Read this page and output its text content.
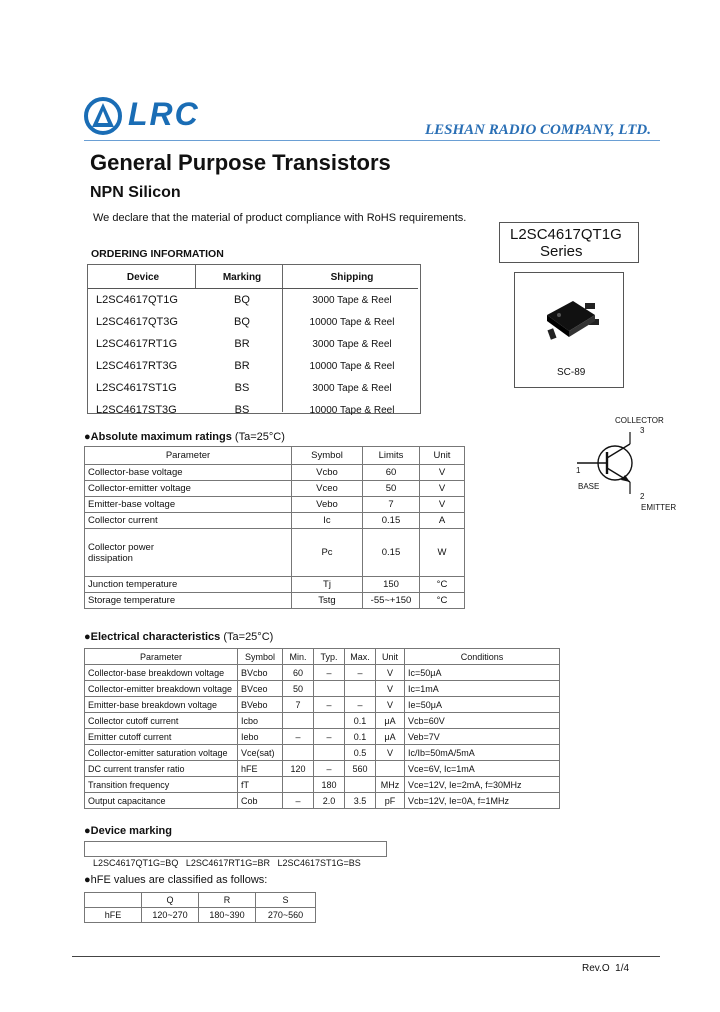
LRC	LESHAN RADIO COMPANY, LTD.
General Purpose Transistors
NPN Silicon
We declare that the material of product compliance with RoHS requirements.
L2SC4617QT1G
Series
SC-89
ORDERING INFORMATION
Device	Marking	Shipping
L2SC4617QT1G	BQ	3000 Tape & Reel
L2SC4617QT3G	BQ	10000 Tape & Reel
L2SC4617RT1G	BR	3000 Tape & Reel
L2SC4617RT3G	BR	10000 Tape & Reel
L2SC4617ST1G	BS	3000 Tape & Reel
L2SC4617ST3G	BS	10000 Tape & Reel
COLLECTOR
3
1
BASE
2
EMITTER
●Absolute maximum ratings (Ta=25°C)
Parameter	Symbol	Limits	Unit
Collector-base voltage	Vcbo	60	V
Collector-emitter voltage	Vceo	50	V
Emitter-base voltage	Vebo	7	V
Collector current	Ic	0.15	A
Collector power dissipation	Pc	0.15	W
Junction temperature	Tj	150	°C
Storage temperature	Tstg	-55~+150	°C
●Electrical characteristics (Ta=25°C)
Parameter	Symbol	Min.	Typ.	Max.	Unit	Conditions
Collector-base breakdown voltage	BVcbo	60	–	–	V	Ic=50μA
Collector-emitter breakdown voltage	BVceo	50			V	Ic=1mA
Emitter-base breakdown voltage	BVebo	7	–	–	V	Ie=50μA
Collector cutoff current	Icbo			0.1	μA	Vcb=60V
Emitter cutoff current	Iebo	–	–	0.1	μA	Veb=7V
Collector-emitter saturation voltage	Vce(sat)			0.5	V	Ic/Ib=50mA/5mA
DC current transfer ratio	hFE	120	–	560		Vce=6V, Ic=1mA
Transition frequency	fT		180		MHz	Vce=12V, Ie=2mA, f=30MHz
Output capacitance	Cob	–	2.0	3.5	pF	Vcb=12V, Ie=0A, f=1MHz
●Device marking

L2SC4617QT1G=BQ   L2SC4617RT1G=BR   L2SC4617ST1G=BS

●hFE values are classified as follows:
	Q	R	S
hFE	120~270	180~390	270~560
Rev.O  1/4
